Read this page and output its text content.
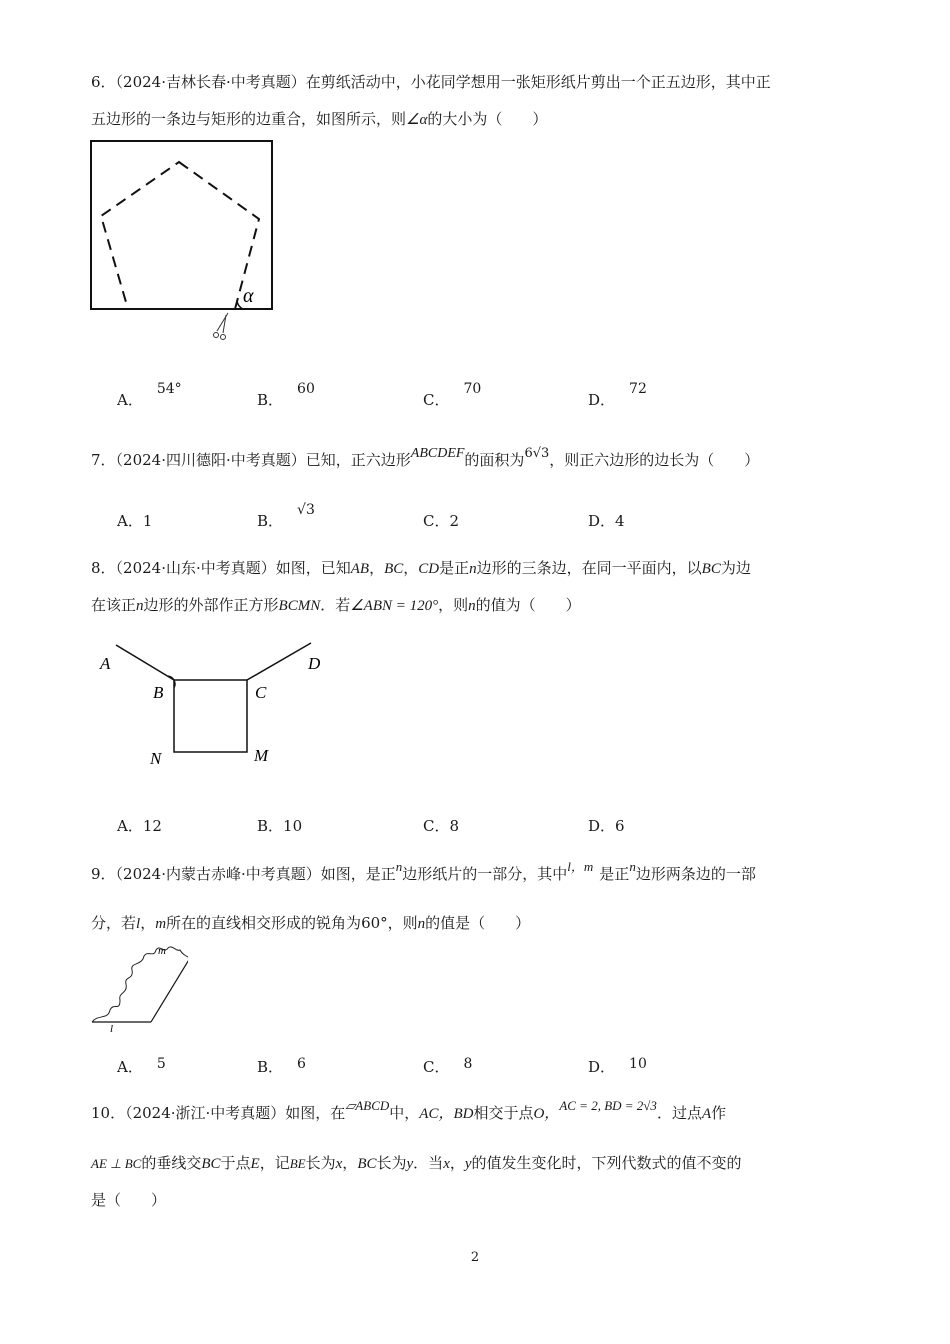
6．（2024·吉林长春·中考真题）在剪纸活动中，小花同学想用一张矩形纸片剪出一个正五边形，其中正
五边形的一条边与矩形的边重合，如图所示，则∠α的大小为（　　）
α
A．54°
B．60
C．70
D．72
7．（2024·四川德阳·中考真题）已知，正六边形ABCDEF的面积为6√3，则正六边形的边长为（　　）
A．1	B．√3
C．2	D．4
8．（2024·山东·中考真题）如图，已知AB，BC，CD是正n边形的三条边，在同一平面内，以BC为边
在该正n边形的外部作正方形BCMN．若∠ABN = 120°，则n的值为（　　）
A
B	C
D
N	M
A．12	B．10	C．8	D．6
9．（2024·内蒙古赤峰·中考真题）如图，是正n边形纸片的一部分，其中l，m 是正n边形两条边的一部
分，若l，m所在的直线相交形成的锐角为60°，则n的值是（　　）
m
l
A． 5	B． 6	C． 8	D． 10
10．（2024·浙江·中考真题）如图，在▱ABCD中，AC，BD相交于点O，AC = 2, BD = 2√3．过点A作
AE ⊥ BC的垂线交BC于点E，记BE长为x，BC长为y．当x，y的值发生变化时，下列代数式的值不变的
是（　　）
2
